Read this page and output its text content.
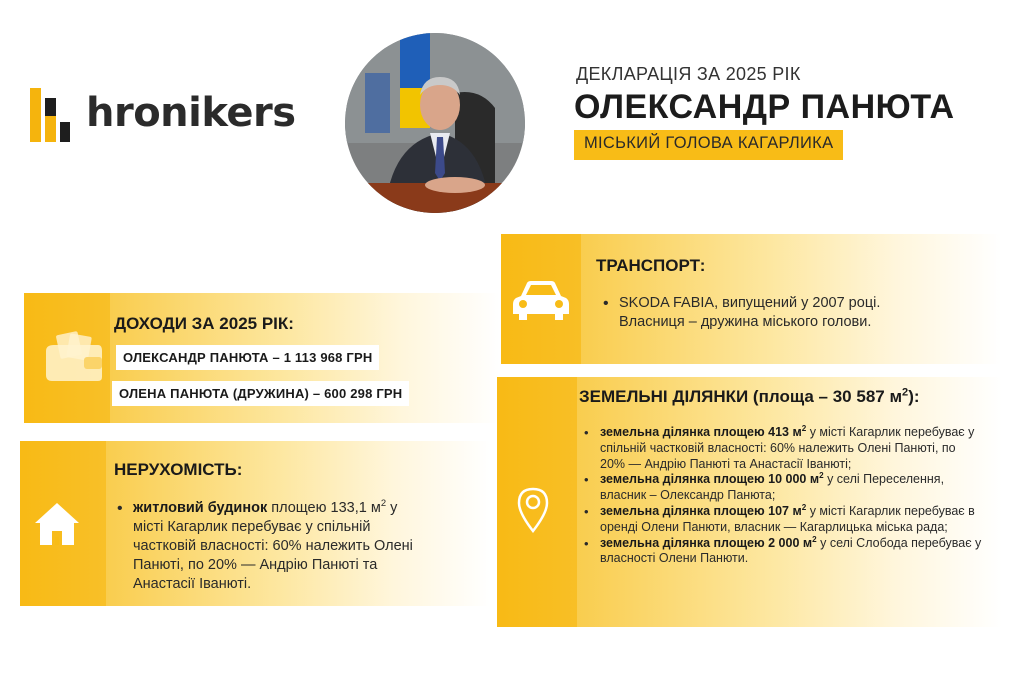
hronikers
ДЕКЛАРАЦІЯ ЗА 2025 РІК
ОЛЕКСАНДР ПАНЮТА
МІСЬКИЙ ГОЛОВА КАГАРЛИКА
ДОХОДИ ЗА 2025 РІК:
ОЛЕКСАНДР ПАНЮТА – 1 113 968 ГРН
ОЛЕНА ПАНЮТА (ДРУЖИНА) – 600 298 ГРН
НЕРУХОМІСТЬ:
• житловий будинок площею 133,1 $м^2$ у місті Кагарлик перебуває у спільній частковій власності: 60% належить Олені Панюті, по 20% — Андрію Панюті та Анастасії Іванюті.
ТРАНСПОРТ:
• SKODA FABIA, випущений у 2007 році. Власниця – дружина міського голови.
ЗЕМЕЛЬНІ ДІЛЯНКИ (площа – 30 587 $м^2$):
• земельна ділянка площею 413 $м^2$ у місті Кагарлик перебуває у спільній частковій власності: 60% належить Олені Панюті, по 20% — Андрію Панюті та Анастасії Іванюті;
• земельна ділянка площею 10 000 $м^2$ у селі Переселення, власник – Олександр Панюта;
• земельна ділянка площею 107 $м^2$ у місті Кагарлик перебуває в оренді Олени Панюти, власник — Кагарлицька міська рада;
• земельна ділянка площею 2 000 $м^2$ у селі Слобода перебуває у власності Олени Панюти.
